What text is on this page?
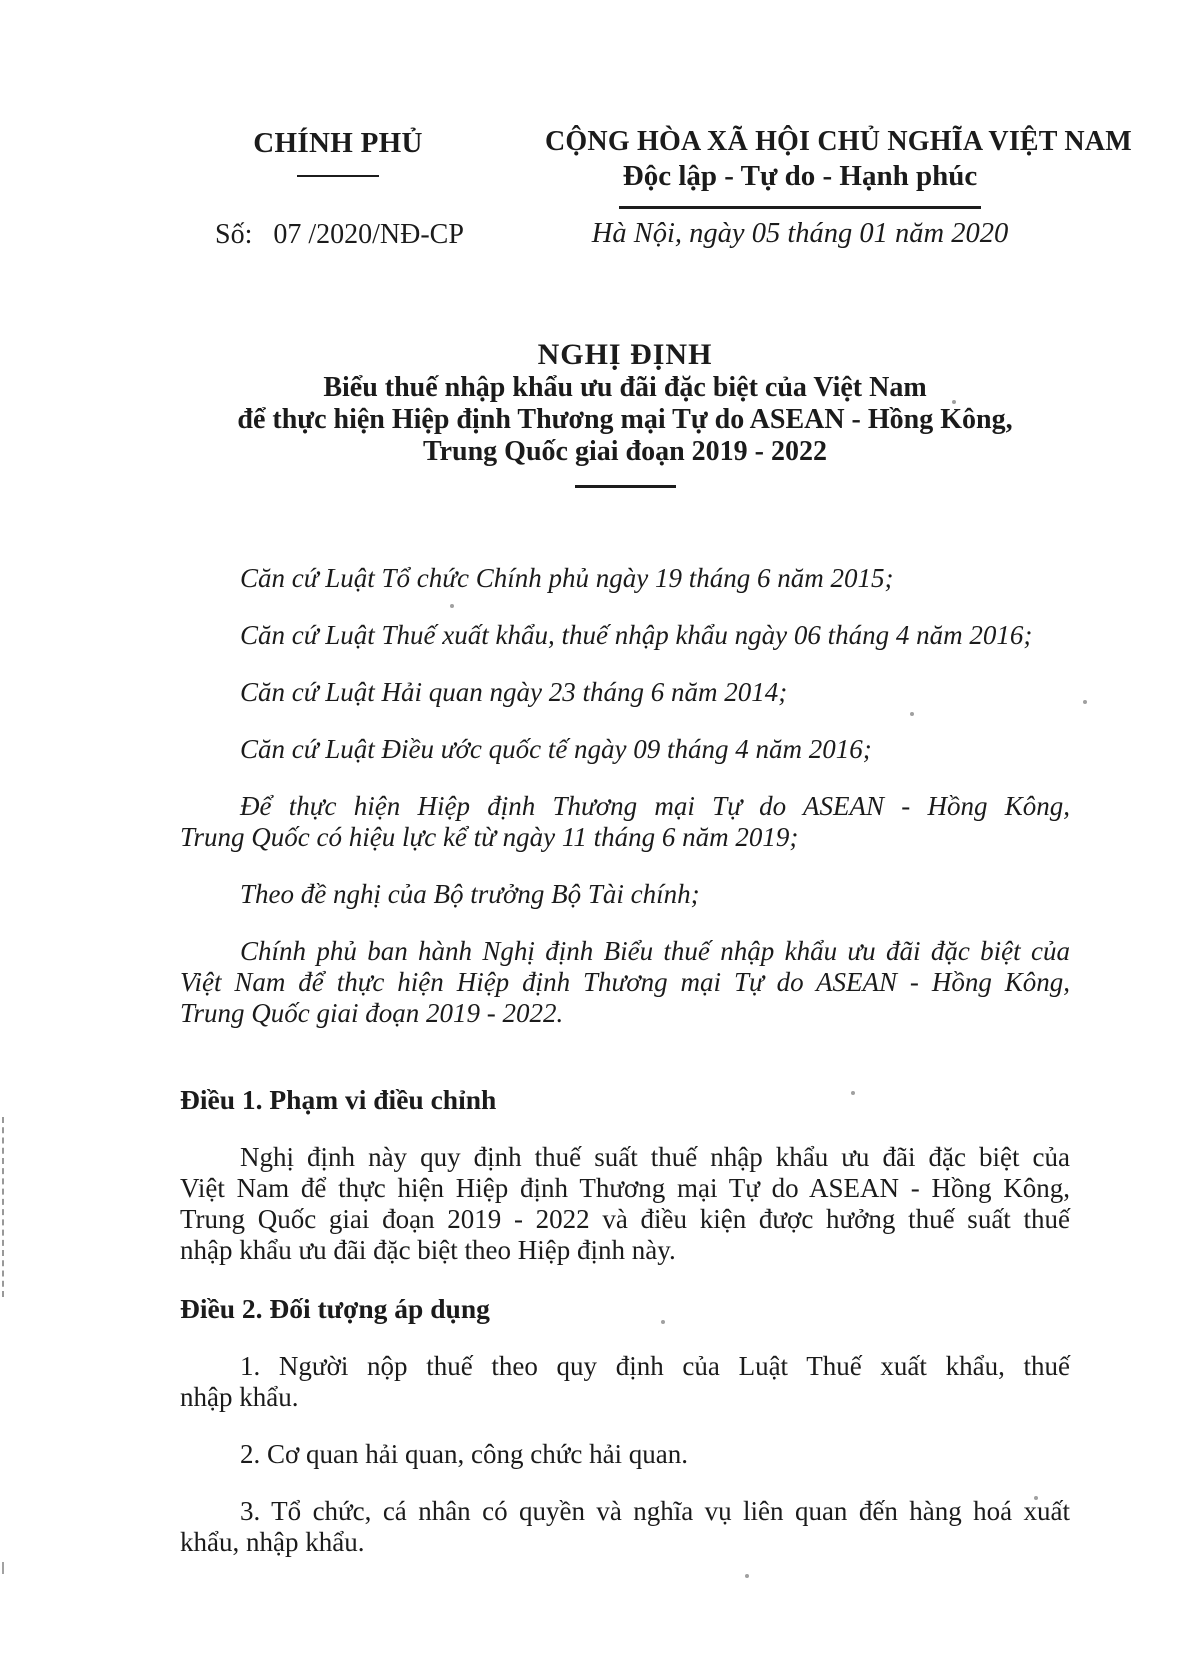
CHÍNH PHỦ	CỘNG HÒA XÃ HỘI CHỦ NGHĨA VIỆT NAM
Độc lập - Tự do - Hạnh phúc
Số:   07 /2020/NĐ-CP	Hà Nội, ngày 05 tháng 01 năm 2020
NGHỊ ĐỊNH
Biểu thuế nhập khẩu ưu đãi đặc biệt của Việt Nam
để thực hiện Hiệp định Thương mại Tự do ASEAN - Hồng Kông,
Trung Quốc giai đoạn 2019 - 2022
Căn cứ Luật Tổ chức Chính phủ ngày 19 tháng 6 năm 2015;
Căn cứ Luật Thuế xuất khẩu, thuế nhập khẩu ngày 06 tháng 4 năm 2016;
Căn cứ Luật Hải quan ngày 23 tháng 6 năm 2014;
Căn cứ Luật Điều ước quốc tế ngày 09 tháng 4 năm 2016;
Để thực hiện Hiệp định Thương mại Tự do ASEAN - Hồng Kông,
Trung Quốc có hiệu lực kể từ ngày 11 tháng 6 năm 2019;
Theo đề nghị của Bộ trưởng Bộ Tài chính;
Chính phủ ban hành Nghị định Biểu thuế nhập khẩu ưu đãi đặc biệt của
Việt Nam để thực hiện Hiệp định Thương mại Tự do ASEAN - Hồng Kông,
Trung Quốc giai đoạn 2019 - 2022.
Điều 1. Phạm vi điều chỉnh
Nghị định này quy định thuế suất thuế nhập khẩu ưu đãi đặc biệt của
Việt Nam để thực hiện Hiệp định Thương mại Tự do ASEAN - Hồng Kông,
Trung Quốc giai đoạn 2019 - 2022 và điều kiện được hưởng thuế suất thuế
nhập khẩu ưu đãi đặc biệt theo Hiệp định này.
Điều 2. Đối tượng áp dụng
1. Người nộp thuế theo quy định của Luật Thuế xuất khẩu, thuế
nhập khẩu.
2. Cơ quan hải quan, công chức hải quan.
3. Tổ chức, cá nhân có quyền và nghĩa vụ liên quan đến hàng hoá xuất
khẩu, nhập khẩu.
